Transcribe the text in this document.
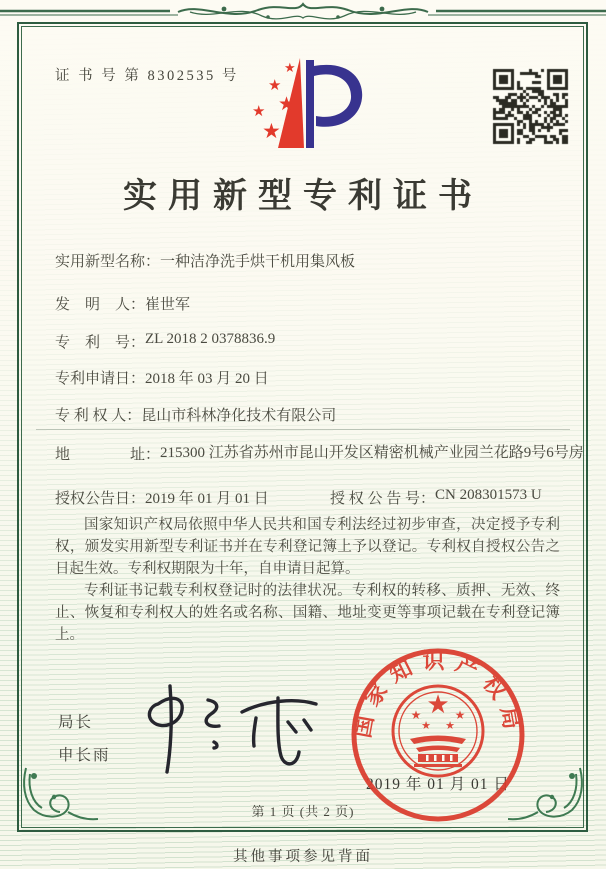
证 书 号 第 8302535 号
★
★
★
★
★
实用新型专利证书
实用新型名称： 一种洁净洗手烘干机用集风板
发　明　人： 崔世军
专　利　号： ZL 2018 2 0378836.9
专利申请日： 2018 年 03 月 20 日
专 利 权 人： 昆山市科林净化技术有限公司
地　　　　址： 215300 江苏省苏州市昆山开发区精密机械产业园兰花路9号6号房
授权公告日： 2019 年 01 月 01 日	授 权 公 告 号： CN 208301573 U

国家知识产权局依照中华人民共和国专利法经过初步审查，决定授予专利权，颁发实用新型专利证书并在专利登记簿上予以登记。专利权自授权公告之日起生效。专利权期限为十年，自申请日起算。

专利证书记载专利权登记时的法律状况。专利权的转移、质押、无效、终止、恢复和专利权人的姓名或名称、国籍、地址变更等事项记载在专利登记簿上。

局长
申长雨
2019 年 01 月 01 日
国家知识产权局
★
★	★
★ ★
第 1 页 (共 2 页)
其他事项参见背面
